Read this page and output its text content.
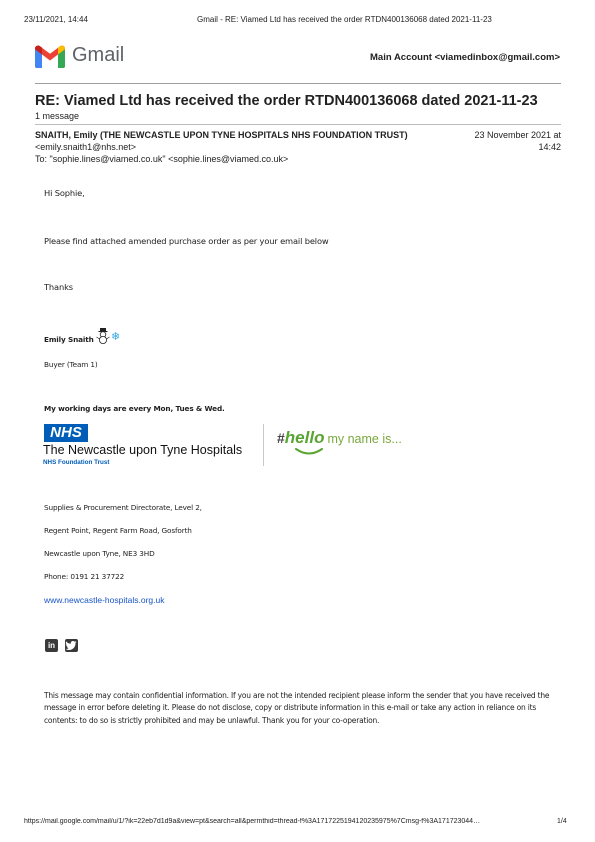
23/11/2021, 14:44	Gmail - RE: Viamed Ltd has received the order RTDN400136068 dated 2021-11-23
Gmail	Main Account <viamedinbox@gmail.com>
RE: Viamed Ltd has received the order RTDN400136068 dated 2021-11-23
1 message
SNAITH, Emily (THE NEWCASTLE UPON TYNE HOSPITALS NHS FOUNDATION TRUST)
<emily.snaith1@nhs.net>
To: "sophie.lines@viamed.co.uk" <sophie.lines@viamed.co.uk>
23 November 2021 at
14:42
Hi Sophie,
Please find attached amended purchase order as per your email below
Thanks
Emily Snaith ❄
Buyer (Team 1)
My working days are every Mon, Tues & Wed.
NHS
The Newcastle upon Tyne Hospitals
NHS Foundation Trust
#hello my name is...
Supplies & Procurement Directorate, Level 2,
Regent Point, Regent Farm Road, Gosforth
Newcastle upon Tyne, NE3 3HD
Phone: 0191 21 37722
www.newcastle-hospitals.org.uk
in
This message may contain confidential information. If you are not the intended recipient please inform the sender that you have received the message in error before deleting it. Please do not disclose, copy or distribute information in this e-mail or take any action in reliance on its contents: to do so is strictly prohibited and may be unlawful. Thank you for your co-operation.
https://mail.google.com/mail/u/1/?ik=22eb7d1d9a&view=pt&search=all&permthid=thread-f%3A1717225194120235975%7Cmsg-f%3A171723044…	1/4
